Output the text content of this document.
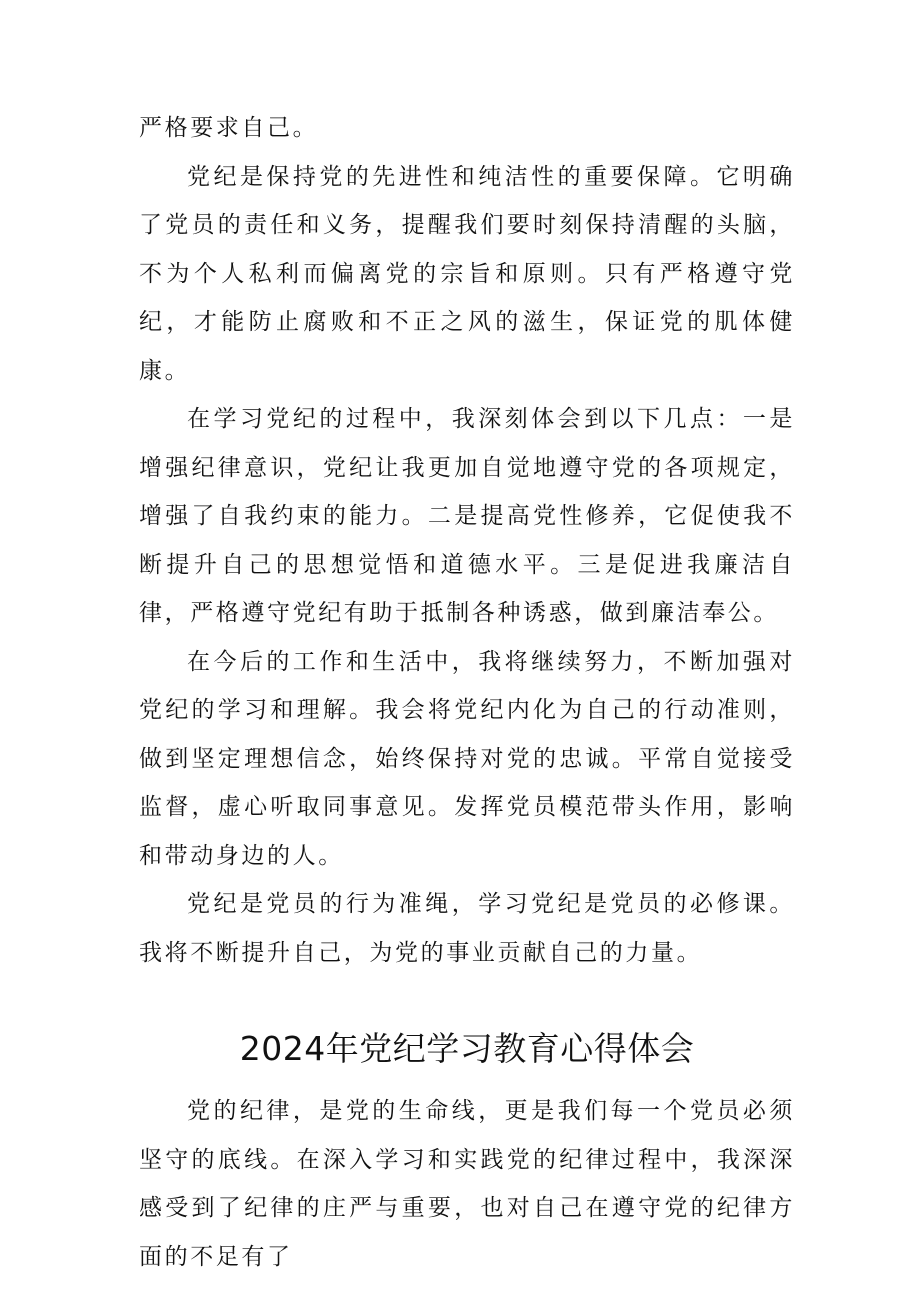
严格要求自己。

党纪是保持党的先进性和纯洁性的重要保障。它明确了党员的责任和义务，提醒我们要时刻保持清醒的头脑，不为个人私利而偏离党的宗旨和原则。只有严格遵守党纪，才能防止腐败和不正之风的滋生，保证党的肌体健康。

在学习党纪的过程中，我深刻体会到以下几点：一是增强纪律意识，党纪让我更加自觉地遵守党的各项规定，增强了自我约束的能力。二是提高党性修养，它促使我不断提升自己的思想觉悟和道德水平。三是促进我廉洁自律，严格遵守党纪有助于抵制各种诱惑，做到廉洁奉公。

在今后的工作和生活中，我将继续努力，不断加强对党纪的学习和理解。我会将党纪内化为自己的行动准则，做到坚定理想信念，始终保持对党的忠诚。平常自觉接受监督，虚心听取同事意见。发挥党员模范带头作用，影响和带动身边的人。

党纪是党员的行为准绳，学习党纪是党员的必修课。我将不断提升自己，为党的事业贡献自己的力量。

2024年党纪学习教育心得体会

党的纪律，是党的生命线，更是我们每一个党员必须坚守的底线。在深入学习和实践党的纪律过程中，我深深感受到了纪律的庄严与重要，也对自己在遵守党的纪律方面的不足有了
